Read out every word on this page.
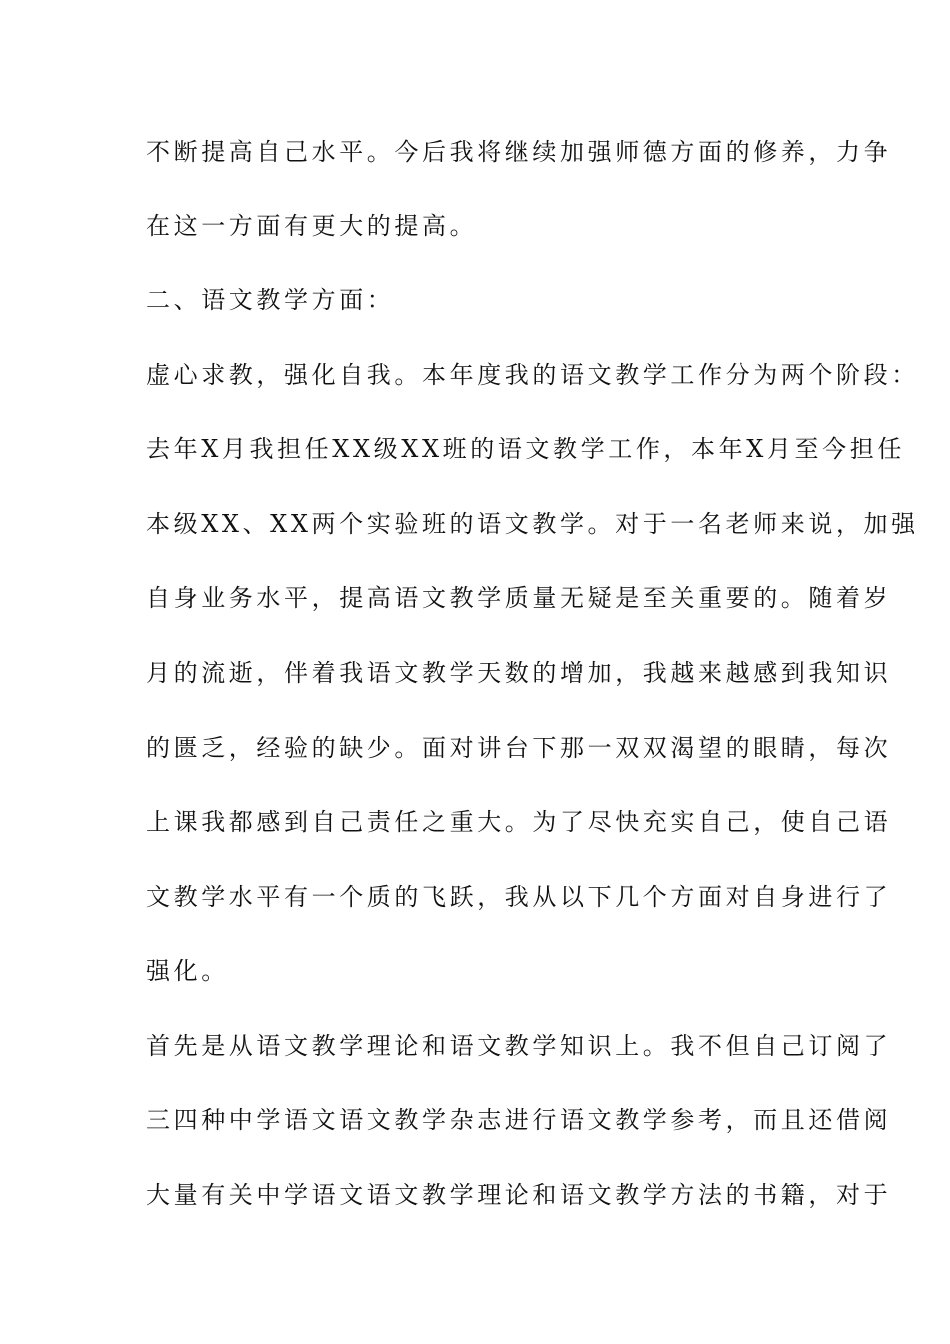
不断提高自己水平。今后我将继续加强师德方面的修养，力争
在这一方面有更大的提高。
二、语文教学方面：
虚心求教，强化自我。本年度我的语文教学工作分为两个阶段：
去年X月我担任XX级XX班的语文教学工作，本年X月至今担任
本级XX、XX两个实验班的语文教学。对于一名老师来说，加强
自身业务水平，提高语文教学质量无疑是至关重要的。随着岁
月的流逝，伴着我语文教学天数的增加，我越来越感到我知识
的匮乏，经验的缺少。面对讲台下那一双双渴望的眼睛，每次
上课我都感到自己责任之重大。为了尽快充实自己，使自己语
文教学水平有一个质的飞跃，我从以下几个方面对自身进行了
强化。
首先是从语文教学理论和语文教学知识上。我不但自己订阅了
三四种中学语文语文教学杂志进行语文教学参考，而且还借阅
大量有关中学语文语文教学理论和语文教学方法的书籍，对于
